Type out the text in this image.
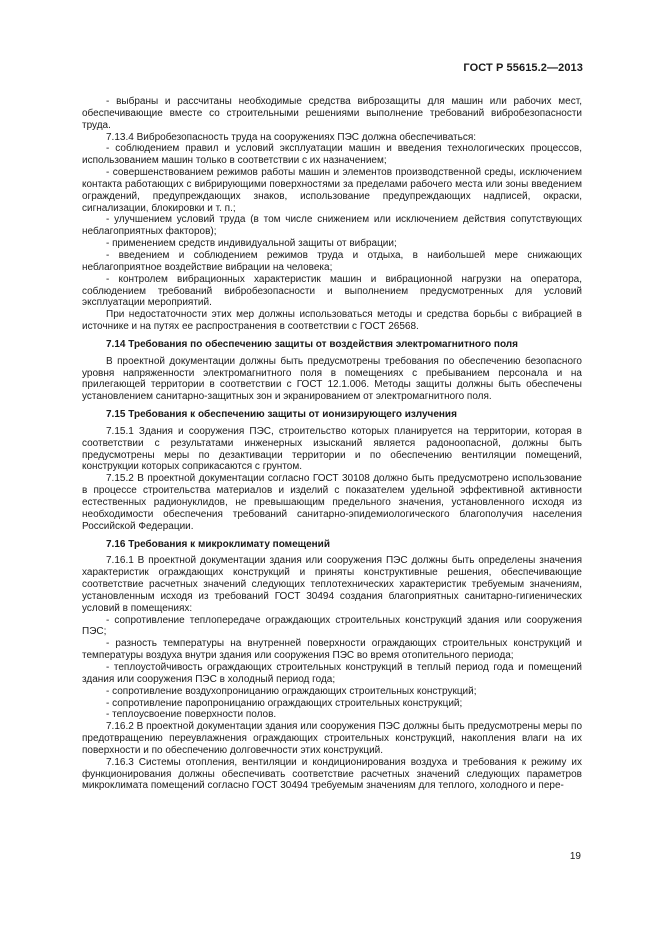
ГОСТ Р 55615.2—2013

- выбраны и рассчитаны необходимые средства виброзащиты для машин или рабочих мест, обеспечивающие вместе со строительными решениями выполнение требований вибробезопасности труда.

7.13.4 Вибробезопасность труда на сооружениях ПЭС должна обеспечиваться:

- соблюдением правил и условий эксплуатации машин и введения технологических процессов, использованием машин только в соответствии с их назначением;

- совершенствованием режимов работы машин и элементов производственной среды, исключением контакта работающих с вибрирующими поверхностями за пределами рабочего места или зоны введением ограждений, предупреждающих знаков, использование предупреждающих надписей, окраски, сигнализации, блокировки и т. п.;

- улучшением условий труда (в том числе снижением или исключением действия сопутствующих неблагоприятных факторов);

- применением средств индивидуальной защиты от вибрации;

- введением и соблюдением режимов труда и отдыха, в наибольшей мере снижающих неблагоприятное воздействие вибрации на человека;

- контролем вибрационных характеристик машин и вибрационной нагрузки на оператора, соблюдением требований вибробезопасности и выполнением предусмотренных для условий эксплуатации мероприятий.

При недостаточности этих мер должны использоваться методы и средства борьбы с вибрацией в источнике и на путях ее распространения в соответствии с ГОСТ 26568.

7.14 Требования по обеспечению защиты от воздействия электромагнитного поля

В проектной документации должны быть предусмотрены требования по обеспечению безопасного уровня напряженности электромагнитного поля в помещениях с пребыванием персонала и на прилегающей территории в соответствии с ГОСТ 12.1.006. Методы защиты должны быть обеспечены установлением санитарно-защитных зон и экранированием от электромагнитного поля.

7.15 Требования к обеспечению защиты от ионизирующего излучения

7.15.1 Здания и сооружения ПЭС, строительство которых планируется на территории, которая в соответствии с результатами инженерных изысканий является радоноопасной, должны быть предусмотрены меры по дезактивации территории и по обеспечению вентиляции помещений, конструкции которых соприкасаются с грунтом.

7.15.2 В проектной документации согласно ГОСТ 30108 должно быть предусмотрено использование в процессе строительства материалов и изделий с показателем удельной эффективной активности естественных радионуклидов, не превышающим предельного значения, установленного исходя из необходимости обеспечения требований санитарно-эпидемиологического благополучия населения Российской Федерации.

7.16 Требования к микроклимату помещений

7.16.1 В проектной документации здания или сооружения ПЭС должны быть определены значения характеристик ограждающих конструкций и приняты конструктивные решения, обеспечивающие соответствие расчетных значений следующих теплотехнических характеристик требуемым значениям, установленным исходя из требований ГОСТ 30494 создания благоприятных санитарно-гигиенических условий в помещениях:

- сопротивление теплопередаче ограждающих строительных конструкций здания или сооружения ПЭС;

- разность температуры на внутренней поверхности ограждающих строительных конструкций и температуры воздуха внутри здания или сооружения ПЭС во время отопительного периода;

- теплоустойчивость ограждающих строительных конструкций в теплый период года и помещений здания или сооружения ПЭС в холодный период года;

- сопротивление воздухопроницанию ограждающих строительных конструкций;

- сопротивление паропроницанию ограждающих строительных конструкций;

- теплоусвоение поверхности полов.

7.16.2 В проектной документации здания или сооружения ПЭС должны быть предусмотрены меры по предотвращению переувлажнения ограждающих строительных конструкций, накопления влаги на их поверхности и по обеспечению долговечности этих конструкций.

7.16.3 Системы отопления, вентиляции и кондиционирования воздуха и требования к режиму их функционирования должны обеспечивать соответствие расчетных значений следующих параметров микроклимата помещений согласно ГОСТ 30494 требуемым значениям для теплого, холодного и пере-

19
